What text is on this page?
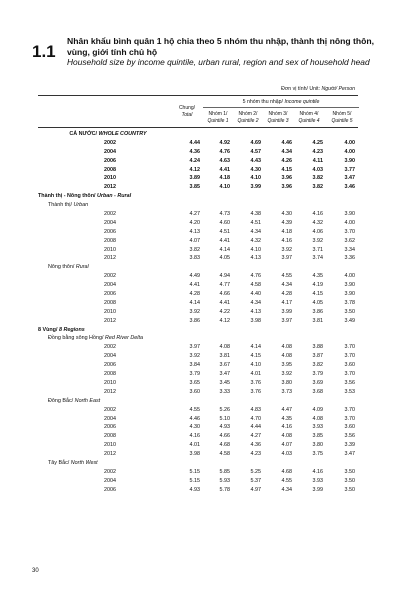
1.1
Nhân khẩu bình quân 1 hộ chia theo 5 nhóm thu nhập, thành thị nông thôn, vùng, giới tính chủ hộ
Household size by income quintile, urban rural, region and sex of household head
Đơn vị tính/ Unit: Người/ Person
5 nhóm thu nhập/ Income quintile
Chung/
Total	Nhóm 1/
Quintile 1
Nhóm 2/
Quintile 2
Nhóm 3/
Quintile 3
Nhóm 4/
Quintile 4
Nhóm 5/
Quintile 5
CẢ NƯỚC/ WHOLE COUNTRY
2002	4.44	4.92	4.69	4.46	4.25	4.00
2004	4.36	4.76	4.57	4.34	4.23	4.00
2006	4.24	4.63	4.43	4.26	4.11	3.90
2008	4.12	4.41	4.30	4.15	4.03	3.77
2010	3.89	4.18	4.10	3.96	3.82	3.47
2012	3.85	4.10	3.99	3.96	3.82	3.46
Thành thị - Nông thôn/ Urban - Rural
Thành thị/ Urban
2002	4.27	4.73	4.38	4.30	4.16	3.90
2004	4.20	4.60	4.51	4.39	4.32	4.00
2006	4.13	4.51	4.34	4.18	4.06	3.70
2008	4.07	4.41	4.32	4.16	3.92	3.62
2010	3.82	4.14	4.10	3.92	3.71	3.34
2012	3.83	4.05	4.13	3.97	3.74	3.36
Nông thôn/ Rural
2002	4.49	4.94	4.76	4.55	4.35	4.00
2004	4.41	4.77	4.58	4.34	4.19	3.90
2006	4.28	4.66	4.40	4.28	4.15	3.90
2008	4.14	4.41	4.34	4.17	4.05	3.78
2010	3.92	4.22	4.13	3.99	3.86	3.50
2012	3.86	4.12	3.98	3.97	3.81	3.49
8 Vùng/ 8 Regions
Đồng bằng sông Hồng/ Red River Delta
2002	3.97	4.08	4.14	4.08	3.88	3.70
2004	3.92	3.81	4.15	4.08	3.87	3.70
2006	3.84	3.67	4.10	3.95	3.82	3.60
2008	3.79	3.47	4.01	3.92	3.79	3.70
2010	3.65	3.45	3.76	3.80	3.69	3.56
2012	3.60	3.33	3.76	3.73	3.68	3.53
Đông Bắc/ North East
2002	4.55	5.26	4.83	4.47	4.09	3.70
2004	4.46	5.10	4.70	4.35	4.08	3.70
2006	4.30	4.93	4.44	4.16	3.93	3.60
2008	4.16	4.66	4.27	4.08	3.85	3.56
2010	4.01	4.68	4.36	4.07	3.80	3.39
2012	3.98	4.58	4.23	4.03	3.75	3.47
Tây Bắc/ North West
2002	5.15	5.85	5.25	4.68	4.16	3.50
2004	5.15	5.93	5.37	4.55	3.93	3.50
2006	4.93	5.78	4.97	4.34	3.99	3.50
30
